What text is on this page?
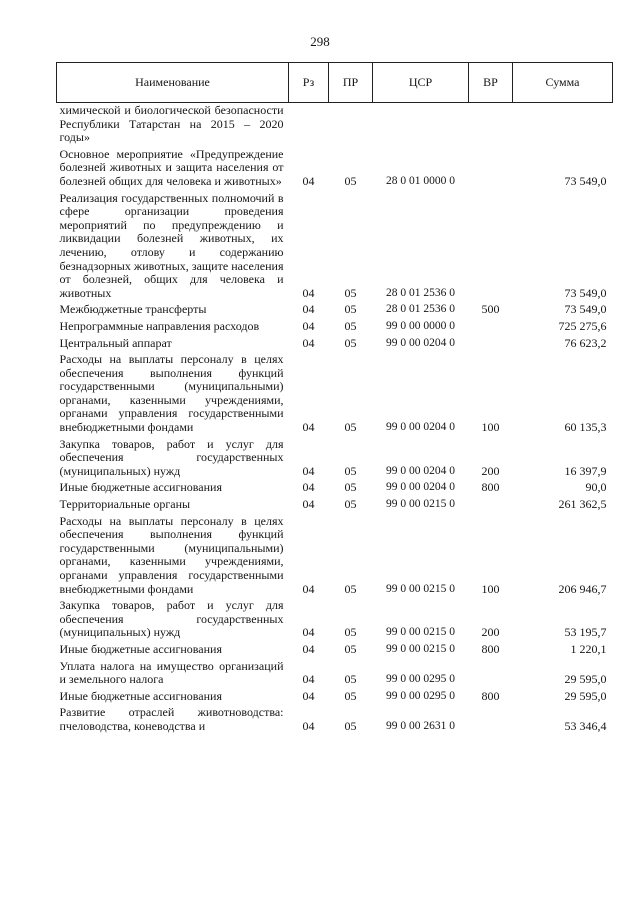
298
Наименование	Рз	ПР	ЦСР	ВР	Сумма
химической и биологической безопасности Республики Татарстан на 2015 – 2020 годы»					
Основное мероприятие «Предупреждение болезней животных и защита населения от болезней общих для человека и животных»	04	05	28 0 01 0000 0		73 549,0
Реализация государственных полномочий в сфере организации проведения мероприятий по предупреждению и ликвидации болезней животных, их лечению, отлову и содержанию безнадзорных животных, защите населения от болезней, общих для человека и животных	04	05	28 0 01 2536 0		73 549,0
Межбюджетные трансферты	04	05	28 0 01 2536 0	500	73 549,0
Непрограммные направления расходов	04	05	99 0 00 0000 0		725 275,6
Центральный аппарат	04	05	99 0 00 0204 0		76 623,2
Расходы на выплаты персоналу в целях обеспечения выполнения функций государственными (муниципальными) органами, казенными учреждениями, органами управления государственными внебюджетными фондами	04	05	99 0 00 0204 0	100	60 135,3
Закупка товаров, работ и услуг для обеспечения государственных (муниципальных) нужд	04	05	99 0 00 0204 0	200	16 397,9
Иные бюджетные ассигнования	04	05	99 0 00 0204 0	800	90,0
Территориальные органы	04	05	99 0 00 0215 0		261 362,5
Расходы на выплаты персоналу в целях обеспечения выполнения функций государственными (муниципальными) органами, казенными учреждениями, органами управления государственными внебюджетными фондами	04	05	99 0 00 0215 0	100	206 946,7
Закупка товаров, работ и услуг для обеспечения государственных (муниципальных) нужд	04	05	99 0 00 0215 0	200	53 195,7
Иные бюджетные ассигнования	04	05	99 0 00 0215 0	800	1 220,1
Уплата налога на имущество организаций и земельного налога	04	05	99 0 00 0295 0		29 595,0
Иные бюджетные ассигнования	04	05	99 0 00 0295 0	800	29 595,0
Развитие отраслей животноводства: пчеловодства, коневодства и	04	05	99 0 00 2631 0		53 346,4
